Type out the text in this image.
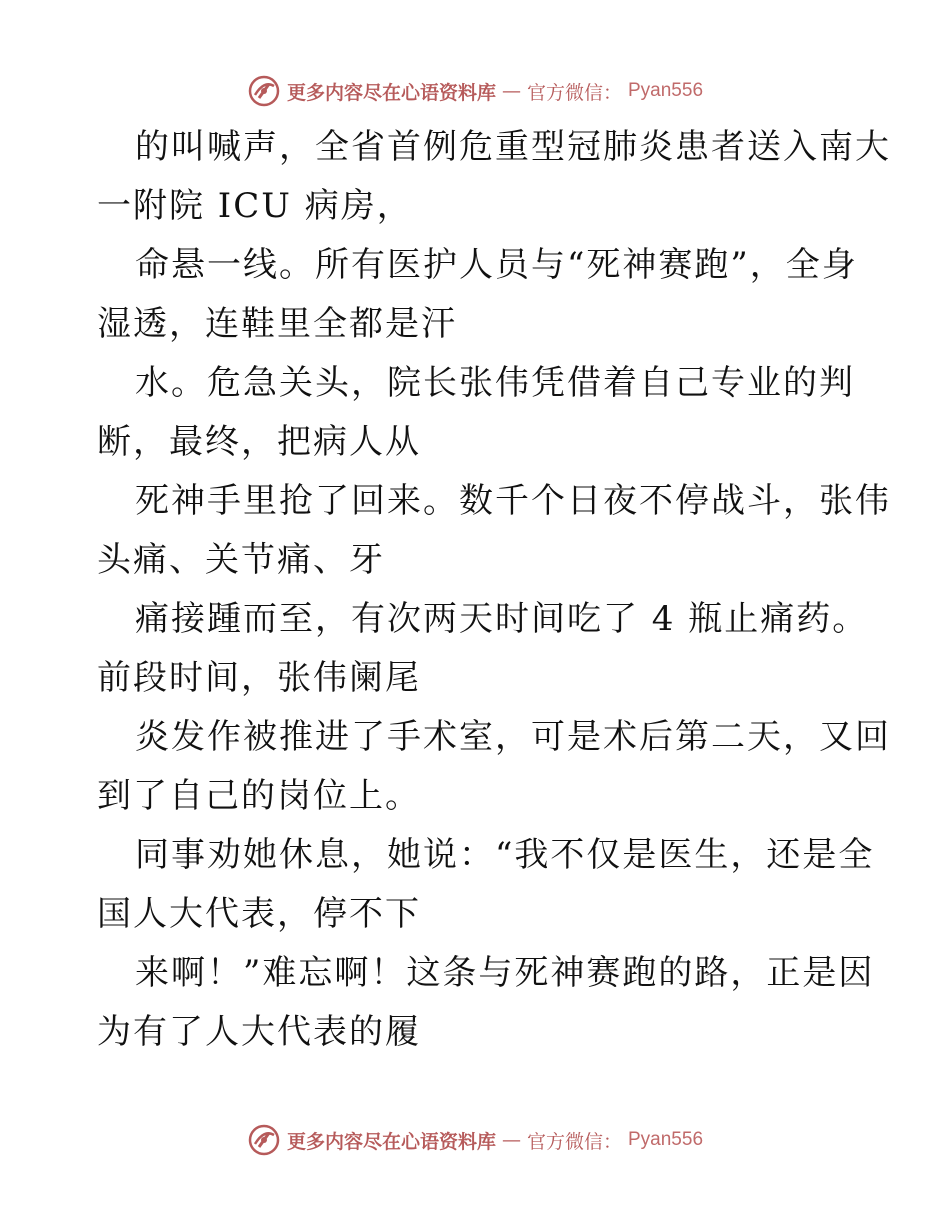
更多内容尽在心语资料库 — 官方微信： Pyan556
的叫喊声，全省首例危重型冠肺炎患者送入南大
一附院 ICU 病房，
命悬一线。所有医护人员与“死神赛跑”，全身
湿透，连鞋里全都是汗
水。危急关头，院长张伟凭借着自己专业的判
断，最终，把病人从
死神手里抢了回来。数千个日夜不停战斗，张伟
头痛、关节痛、牙
痛接踵而至，有次两天时间吃了 4 瓶止痛药。
前段时间，张伟阑尾
炎发作被推进了手术室，可是术后第二天，又回
到了自己的岗位上。
同事劝她休息，她说：“我不仅是医生，还是全
国人大代表，停不下
来啊！”难忘啊！这条与死神赛跑的路，正是因
为有了人大代表的履
更多内容尽在心语资料库 — 官方微信： Pyan556
